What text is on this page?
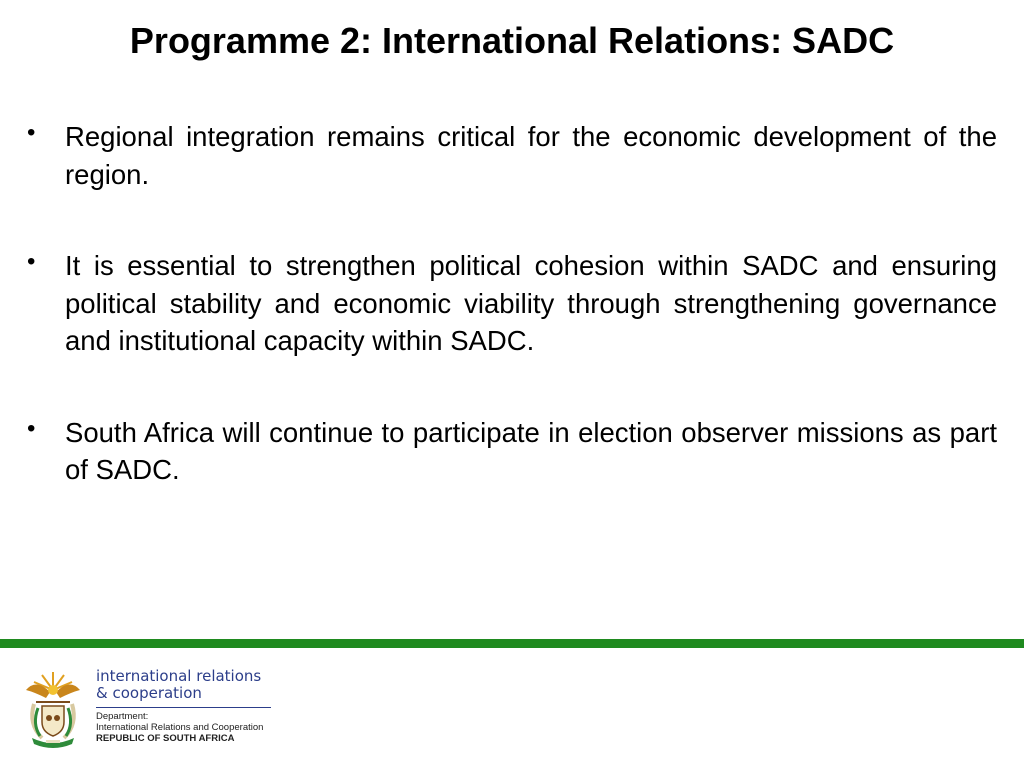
Programme 2: International Relations: SADC
• Regional integration remains critical for the economic development of the region.
• It is essential to strengthen political cohesion within SADC and ensuring political stability and economic viability through strengthening governance and institutional capacity within SADC.
• South Africa will continue to participate in election observer missions as part of SADC.
international relations
& cooperation
Department:
International Relations and Cooperation
REPUBLIC OF SOUTH AFRICA
